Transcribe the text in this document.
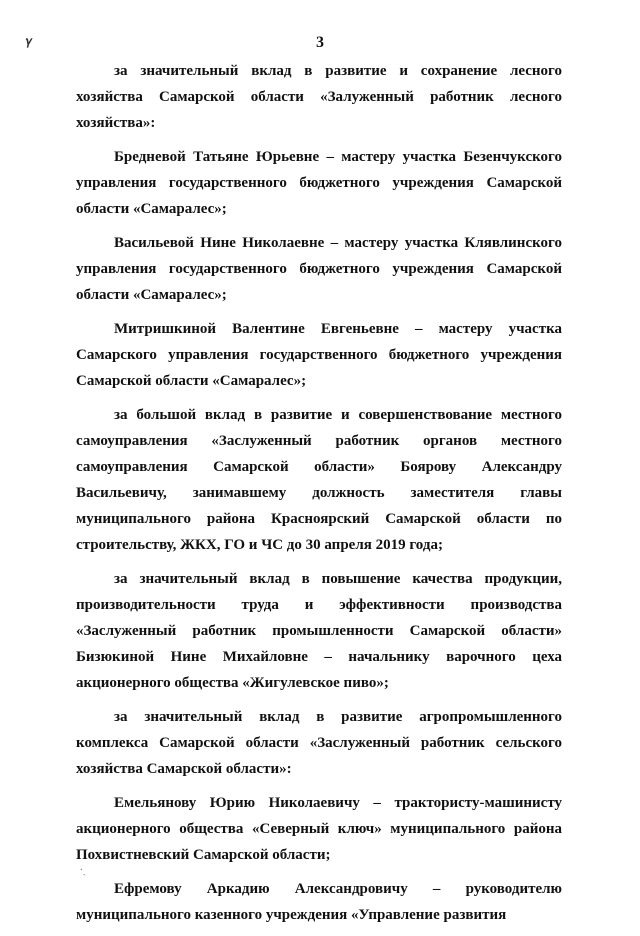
𝛾	3

за значительный вклад в развитие и сохранение лесного хозяйства Самарской области «Залуженный работник лесного хозяйства»:

Бредневой Татьяне Юрьевне – мастеру участка Безенчукского управления государственного бюджетного учреждения Самарской области «Самаралес»;

Васильевой Нине Николаевне – мастеру участка Клявлинского управления государственного бюджетного учреждения Самарской области «Самаралес»;

Митришкиной Валентине Евгеньевне – мастеру участка Самарского управления государственного бюджетного учреждения Самарской области «Самаралес»;

за большой вклад в развитие и совершенствование местного самоуправления «Заслуженный работник органов местного самоуправления Самарской области» Боярову Александру Васильевичу, занимавшему должность заместителя главы муниципального района Красноярский Самарской области по строительству, ЖКХ, ГО и ЧС до 30 апреля 2019 года;

за значительный вклад в повышение качества продукции, производительности труда и эффективности производства «Заслуженный работник промышленности Самарской области» Бизюкиной Нине Михайловне – начальнику варочного цеха акционерного общества «Жигулевское пиво»;

за значительный вклад в развитие агропромышленного комплекса Самарской области «Заслуженный работник сельского хозяйства Самарской области»:

Емельянову Юрию Николаевичу – трактористу-машинисту акционерного общества «Северный ключ» муниципального района Похвистневский Самарской области;

Ефремову Аркадию Александровичу – руководителю муниципального казенного учреждения «Управление развития

⸱ˏ
